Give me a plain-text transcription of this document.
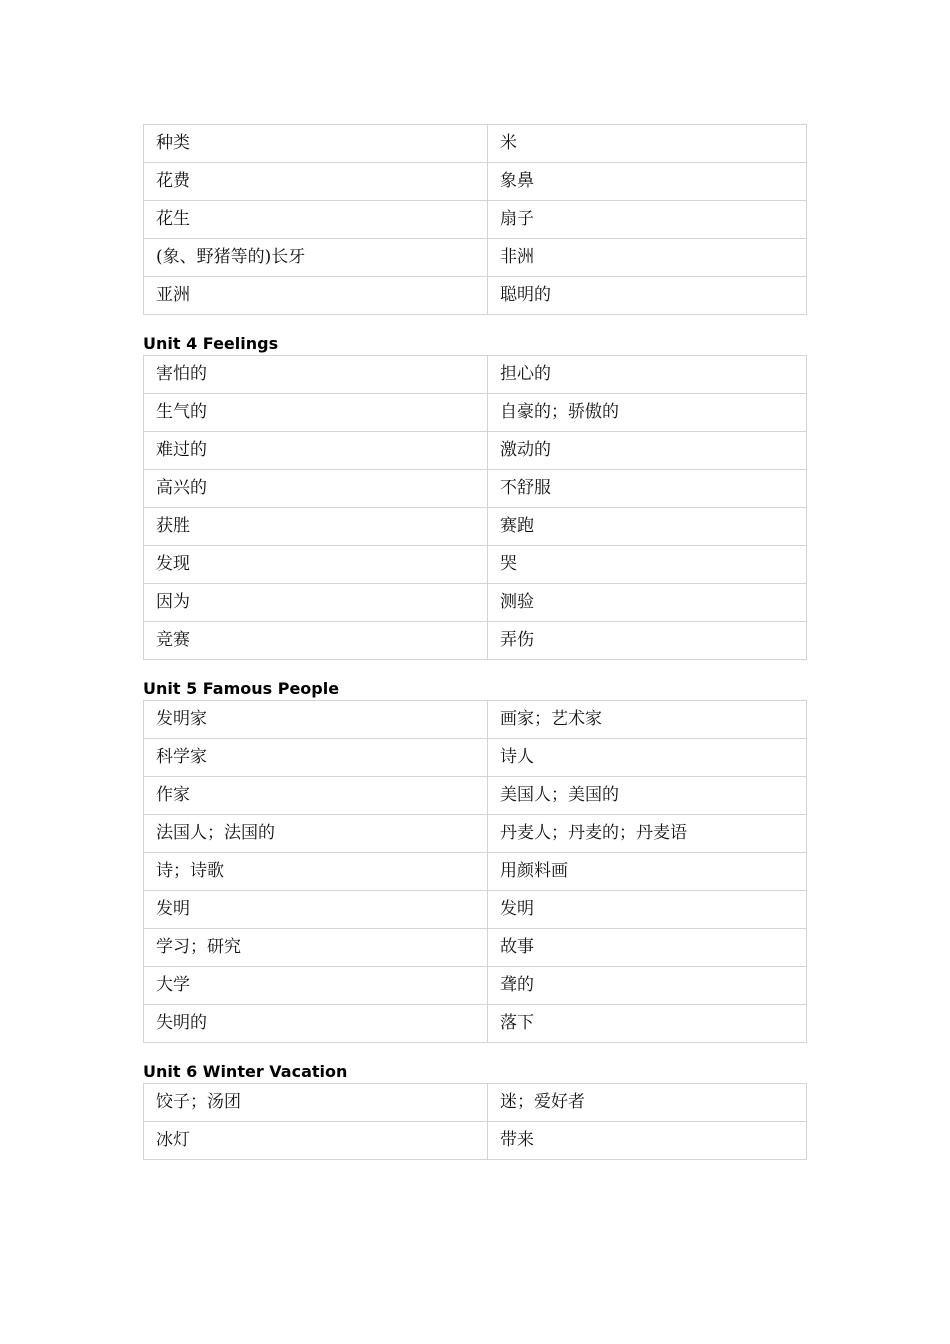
种类	米
花费	象鼻
花生	扇子
(象、野猪等的)长牙	非洲
亚洲	聪明的
Unit 4 Feelings
害怕的	担心的
生气的	自豪的；骄傲的
难过的	激动的
高兴的	不舒服
获胜	赛跑
发现	哭
因为	测验
竞赛	弄伤
Unit 5 Famous People
发明家	画家；艺术家
科学家	诗人
作家	美国人；美国的
法国人；法国的	丹麦人；丹麦的；丹麦语
诗；诗歌	用颜料画
发明	发明
学习；研究	故事
大学	聋的
失明的	落下
Unit 6 Winter Vacation
饺子；汤团	迷；爱好者
冰灯	带来
